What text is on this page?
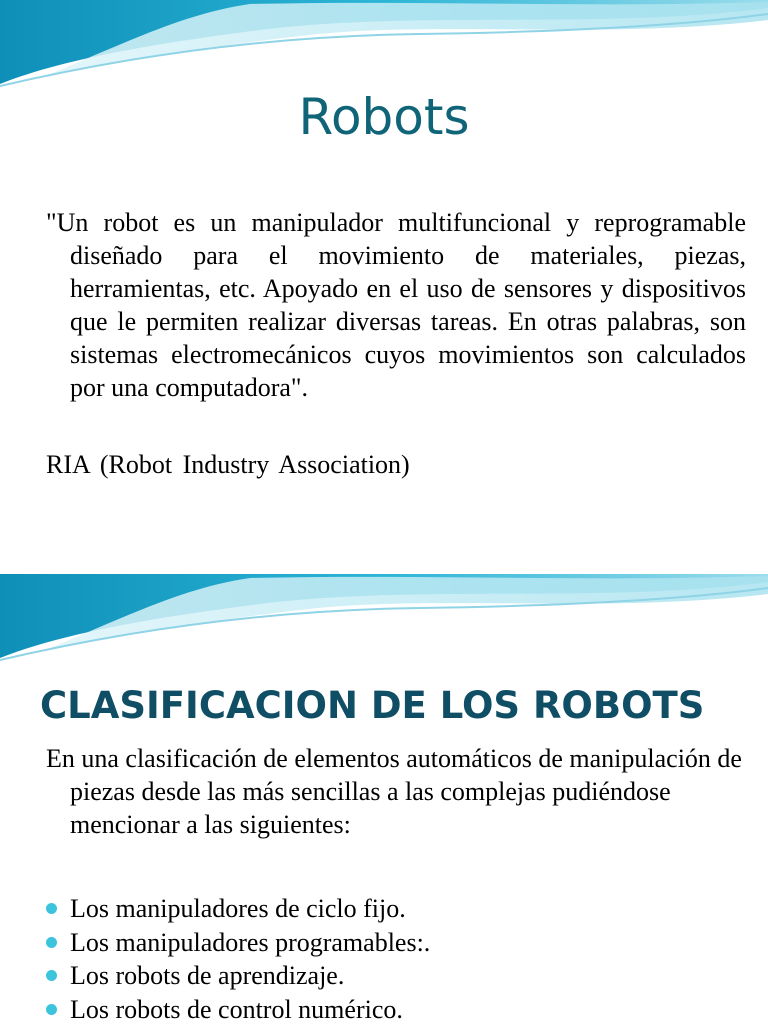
Robots
"Un robot es un manipulador multifuncional y reprogramable diseñado para el movimiento de materiales, piezas, herramientas, etc. Apoyado en el uso de sensores y dispositivos que le permiten realizar diversas tareas. En otras palabras, son sistemas electromecánicos cuyos movimientos son calculados por una computadora".
RIA (Robot Industry Association)
CLASIFICACION DE LOS ROBOTS
En una clasificación de elementos automáticos de manipulación de piezas desde las más sencillas a las complejas pudiéndose mencionar a las siguientes:
Los manipuladores de ciclo fijo.
Los manipuladores programables:.
Los robots de aprendizaje.
Los robots de control numérico.
